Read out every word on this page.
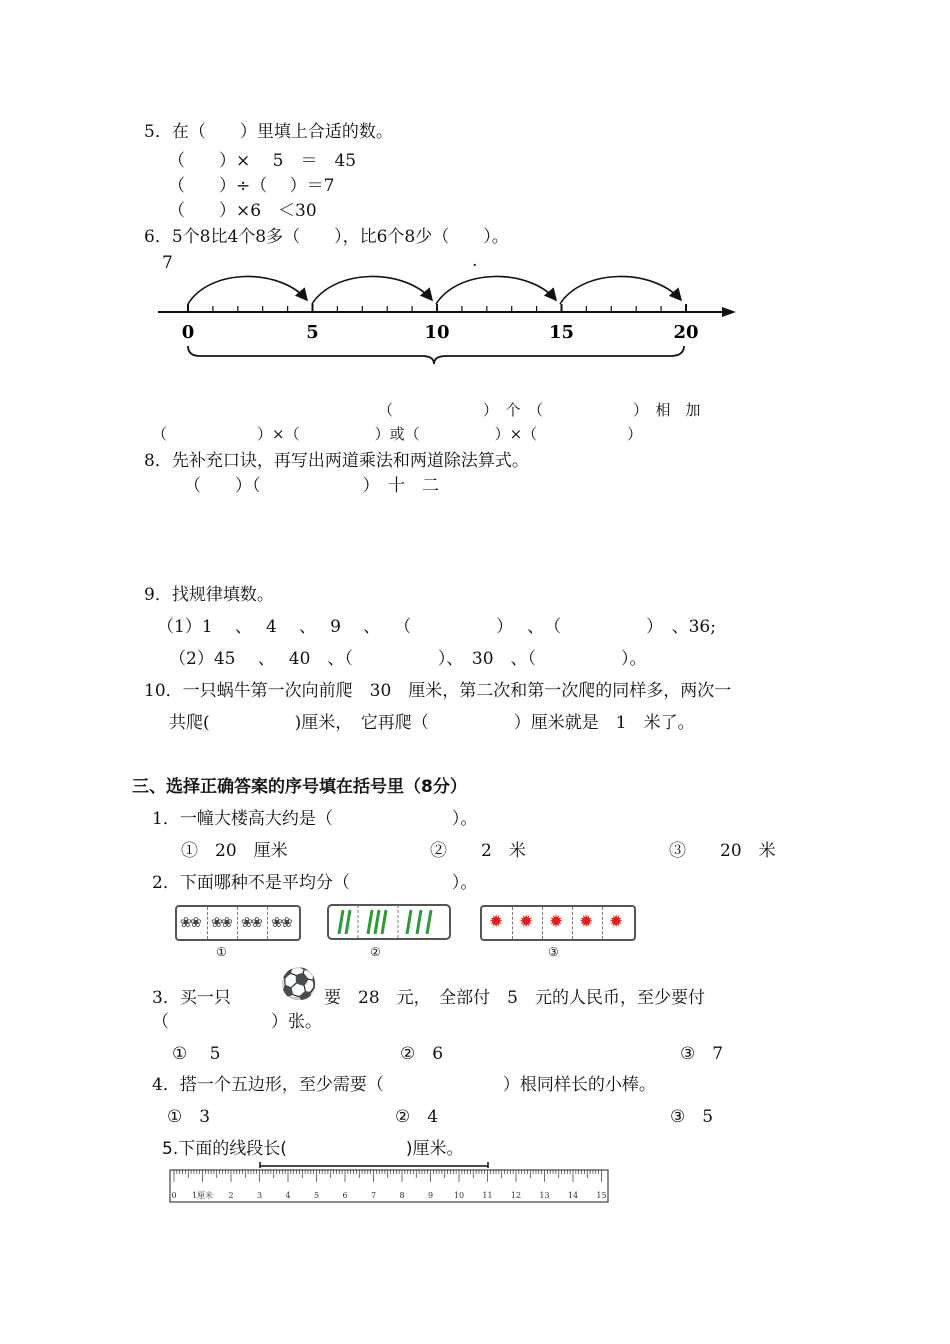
5．在（　　）里填上合适的数。
（　　）×　 5　＝　45
（　　）÷（　 ）＝7
（　　）×6　＜30
6．5个8比4个8多（　　），比6个8少（　　）。
7	.
0	5	10	15	20
（　　　　　　）　个　（　　　　　　）　相　加
（　　　　　　）×（　　　　　）或（　　　　　）×（　　　　　　）
8．先补充口诀，再写出两道乘法和两道除法算式。
（　　）（　　　　　　）　十　二
9．找规律填数。
（1）1　 、　 4　 、　 9　 、　 （　　　　　）　 、　（　　　　　）　、36;
（2）45　 、　 40　、（　　　　　）、　30　、（　　　　　）。
10．一只蜗牛第一次向前爬　30　厘米，第二次和第一次爬的同样多，两次一
共爬(　　　　　)厘米，　它再爬（　　　　　）厘米就是　1　米了。
三、选择正确答案的序号填在括号里（8分）
1．一幢大楼高大约是（　　　　　　　）。
①　20　厘米	②　　2　米	③　　20　米
2．下面哪种不是平均分（　　　　　　）。
❀
❀ ❀
❀ ❀
❀ ❀
❀
①	②
✹ ✹ ✹ ✹ ✹
③
3．买一只 ⚽ 要　28　元，　全部付　5　元的人民币，至少要付
（　　　　　　）张。
①　 5	②　6	③　7
4．搭一个五边形，至少需要（　　　　　　　）根同样长的小棒。
①　3	②　4	③　5
5.下面的线段长(　　　　　　　)厘米。
0 1厘米 2	3	4	5	6	7	8	9	10 11 12 13 14 15
